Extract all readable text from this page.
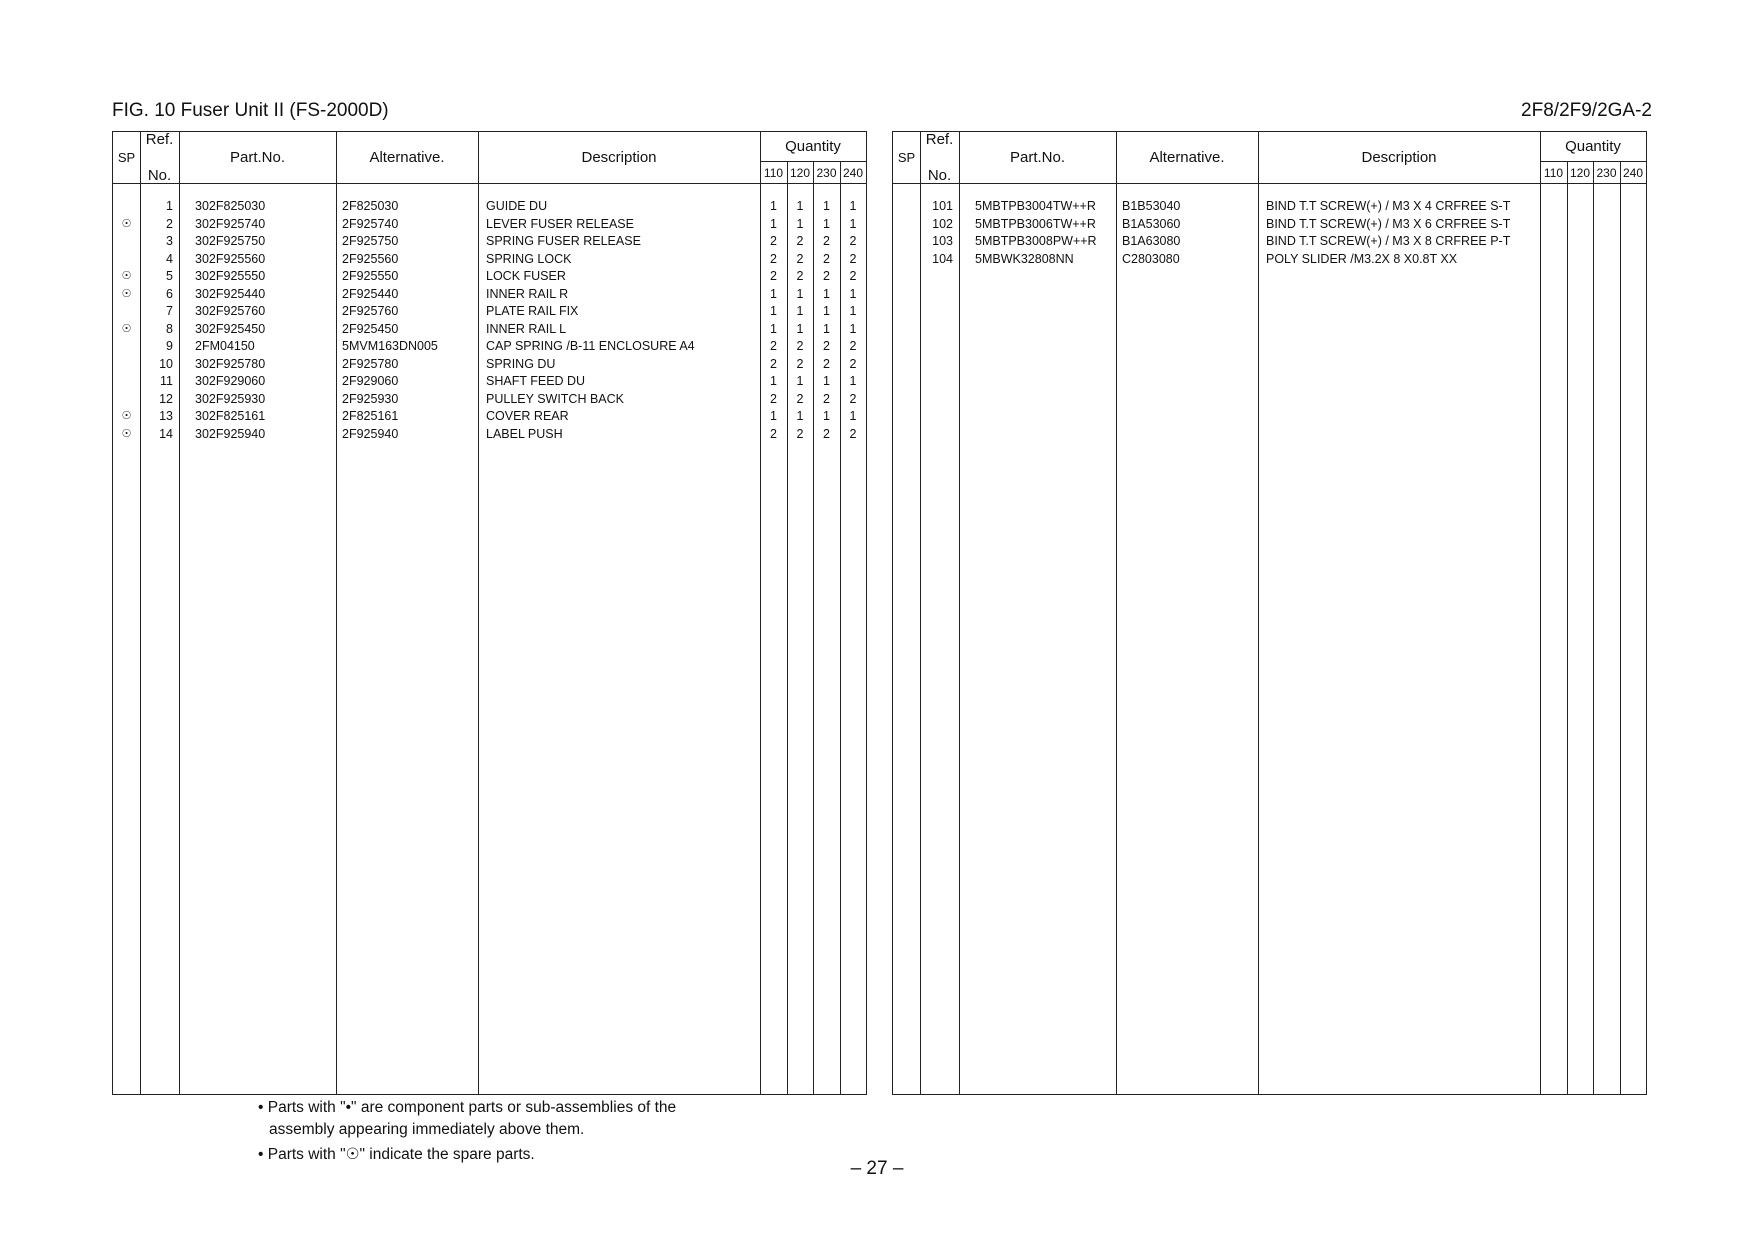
FIG. 10 Fuser Unit II (FS-2000D)	2F8/2F9/2GA-2
SP
Ref.

No.
Part.No.	Alternative.	Description
Quantity
110 120 230 240
1 302F825030	2F825030	GUIDE DU	1	1	1	1
☉	2 302F925740	2F925740	LEVER FUSER RELEASE	1	1	1	1
3 302F925750	2F925750	SPRING FUSER RELEASE	2	2	2	2
4 302F925560	2F925560	SPRING LOCK	2	2	2	2
☉	5 302F925550	2F925550	LOCK FUSER	2	2	2	2
☉	6 302F925440	2F925440	INNER RAIL R	1	1	1	1
7 302F925760	2F925760	PLATE RAIL FIX	1	1	1	1
☉	8 302F925450	2F925450	INNER RAIL L	1	1	1	1
9 2FM04150	5MVM163DN005	CAP SPRING /B-11 ENCLOSURE A4	2	2	2	2
10 302F925780	2F925780	SPRING DU	2	2	2	2
11 302F929060	2F929060	SHAFT FEED DU	1	1	1	1
12 302F925930	2F925930	PULLEY SWITCH BACK	2	2	2	2
☉	13 302F825161	2F825161	COVER REAR	1	1	1	1
☉	14 302F925940	2F925940	LABEL PUSH	2	2	2	2
SP
Ref.

No.
Part.No.	Alternative.	Description
Quantity
110 120 230 240
101 5MBTPB3004TW++R	B1B53040	BIND T.T SCREW(+) / M3 X 4 CRFREE S-T
102 5MBTPB3006TW++R	B1A53060	BIND T.T SCREW(+) / M3 X 6 CRFREE S-T
103 5MBTPB3008PW++R	B1A63080	BIND T.T SCREW(+) / M3 X 8 CRFREE P-T
104 5MBWK32808NN	C2803080	POLY SLIDER /M3.2X 8 X0.8T XX

• Parts with "•" are component parts or sub-assemblies of the
assembly appearing immediately above them.

• Parts with "☉" indicate the spare parts.

– 27 –
